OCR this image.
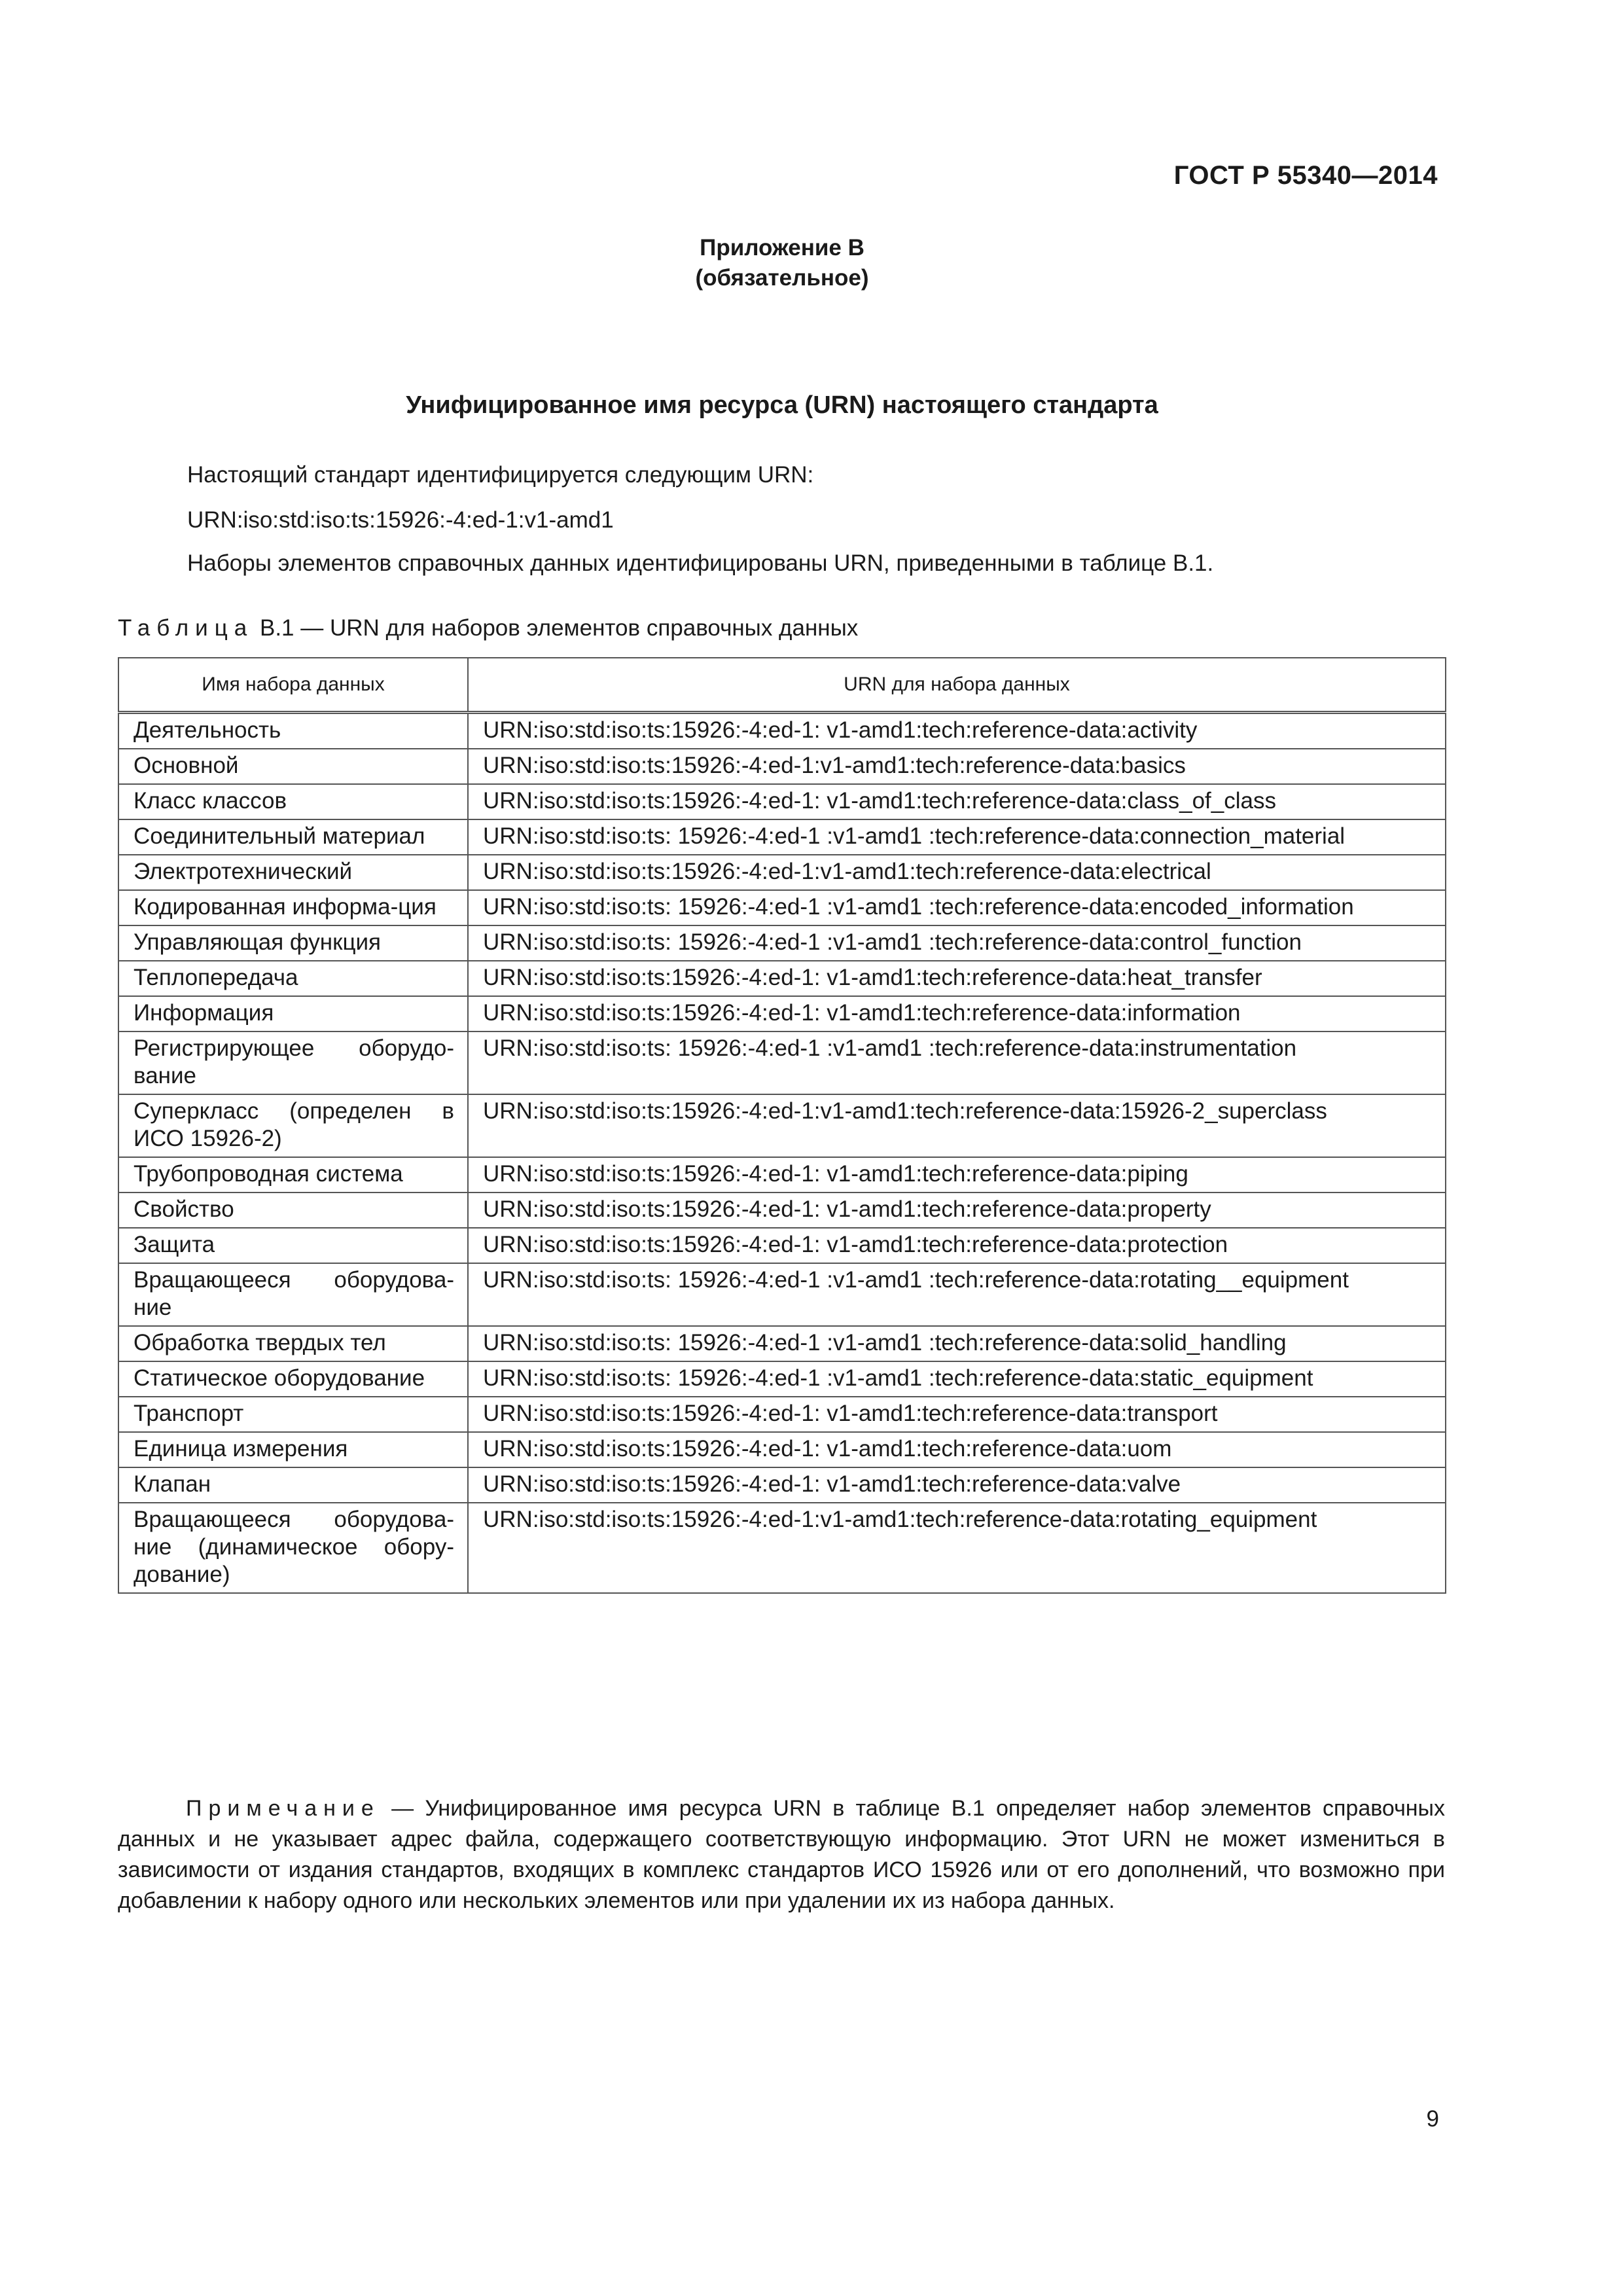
ГОСТ Р 55340—2014
Приложение В
(обязательное)
Унифицированное имя ресурса (URN) настоящего стандарта
Настоящий стандарт идентифицируется следующим URN:
URN:iso:std:iso:ts:15926:-4:ed-1:v1-amd1
Наборы элементов справочных данных идентифицированы URN, приведенными в таблице В.1.
Таблица В.1 — URN для наборов элементов справочных данных
Имя набора данных	URN для набора данных
Деятельность	URN:iso:std:iso:ts:15926:-4:ed-1: v1-amd1:tech:reference-data:activity
Основной	URN:iso:std:iso:ts:15926:-4:ed-1:v1-amd1:tech:reference-data:basics
Класс классов	URN:iso:std:iso:ts:15926:-4:ed-1: v1-amd1:tech:reference-data:class_of_class
Соединительный материал	URN:iso:std:iso:ts: 15926:-4:ed-1 :v1-amd1 :tech:reference-data:connection_material
Электротехнический	URN:iso:std:iso:ts:15926:-4:ed-1:v1-amd1:tech:reference-data:electrical
Кодированная информа-ция	URN:iso:std:iso:ts: 15926:-4:ed-1 :v1-amd1 :tech:reference-data:encoded_information
Управляющая функция	URN:iso:std:iso:ts: 15926:-4:ed-1 :v1-amd1 :tech:reference-data:control_function
Теплопередача	URN:iso:std:iso:ts:15926:-4:ed-1: v1-amd1:tech:reference-data:heat_transfer
Информация	URN:iso:std:iso:ts:15926:-4:ed-1: v1-amd1:tech:reference-data:information
Регистрирующее оборудо-вание	URN:iso:std:iso:ts: 15926:-4:ed-1 :v1-amd1 :tech:reference-data:instrumentation
Суперкласс (определен в ИСО 15926-2)	URN:iso:std:iso:ts:15926:-4:ed-1:v1-amd1:tech:reference-data:15926-2_superclass
Трубопроводная система	URN:iso:std:iso:ts:15926:-4:ed-1: v1-amd1:tech:reference-data:piping
Свойство	URN:iso:std:iso:ts:15926:-4:ed-1: v1-amd1:tech:reference-data:property
Защита	URN:iso:std:iso:ts:15926:-4:ed-1: v1-amd1:tech:reference-data:protection
Вращающееся оборудова-ние	URN:iso:std:iso:ts: 15926:-4:ed-1 :v1-amd1 :tech:reference-data:rotating__equipment
Обработка твердых тел	URN:iso:std:iso:ts: 15926:-4:ed-1 :v1-amd1 :tech:reference-data:solid_handling
Статическое оборудование	URN:iso:std:iso:ts: 15926:-4:ed-1 :v1-amd1 :tech:reference-data:static_equipment
Транспорт	URN:iso:std:iso:ts:15926:-4:ed-1: v1-amd1:tech:reference-data:transport
Единица измерения	URN:iso:std:iso:ts:15926:-4:ed-1: v1-amd1:tech:reference-data:uom
Клапан	URN:iso:std:iso:ts:15926:-4:ed-1: v1-amd1:tech:reference-data:valve
Вращающееся оборудова-ние (динамическое обору-дование)	URN:iso:std:iso:ts:15926:-4:ed-1:v1-amd1:tech:reference-data:rotating_equipment
Примечание — Унифицированное имя ресурса URN в таблице В.1 определяет набор элементов справочных данных и не указывает адрес файла, содержащего соответствующую информацию. Этот URN не может измениться в зависимости от издания стандартов, входящих в комплекс стандартов ИСО 15926 или от его дополнений, что возможно при добавлении к набору одного или нескольких элементов или при удалении их из набора данных.
9
